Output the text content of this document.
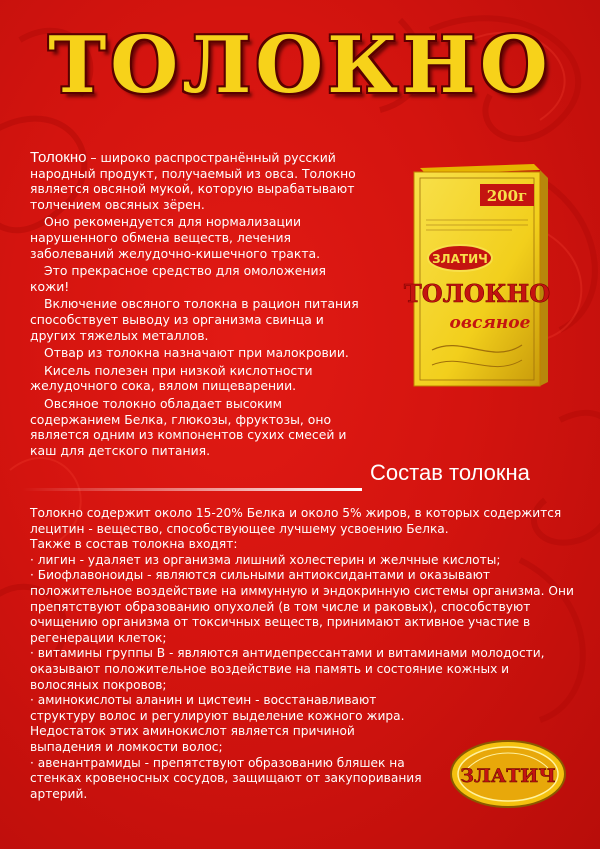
ТОЛОКНО

Толокно – широко распространённый русский народный продукт, получаемый из овса. Толокно является овсяной мукой, которую вырабатывают толчением овсяных зёрен.

Оно рекомендуется для нормализации нарушенного обмена веществ, лечения заболеваний желудочно-кишечного тракта.

Это прекрасное средство для омоложения кожи!

Включение овсяного толокна в рацион питания способствует выводу из организма свинца и других тяжелых металлов.

Отвар из толокна назначают при малокровии.

Кисель полезен при низкой кислотности желудочного сока, вялом пищеварении.

Овсяное толокно обладает высоким содержанием Белка, глюкозы, фруктозы, оно является одним из компонентов сухих смесей и каш для детского питания.

200г
ЗЛАТИЧ
ТОЛОКНО
овсяное
Состав толокна

Толокно содержит около 15-20% Белка и около 5% жиров, в которых содержится лецитин - вещество, способствующее лучшему усвоению Белка.

Также в состав толокна входят:

· лигин - удаляет из организма лишний холестерин и желчные кислоты;

· Биофлавоноиды - являются сильными антиоксидантами и оказывают положительное воздействие на иммунную и эндокринную системы организма. Они препятствуют образованию опухолей (в том числе и раковых), способствуют очищению организма от токсичных веществ, принимают активное участие в регенерации клеток;

· витамины группы В - являются антидепрессантами и витаминами молодости, оказывают положительное воздействие на память и состояние кожных и волосяных покровов;

· аминокислоты аланин и цистеин - восстанавливают структуру волос и регулируют выделение кожного жира. Недостаток этих аминокислот является причиной выпадения и ломкости волос;

· авенантрамиды - препятствуют образованию бляшек на стенках кровеносных сосудов, защищают от закупоривания артерий.

ЗЛАТИЧ
